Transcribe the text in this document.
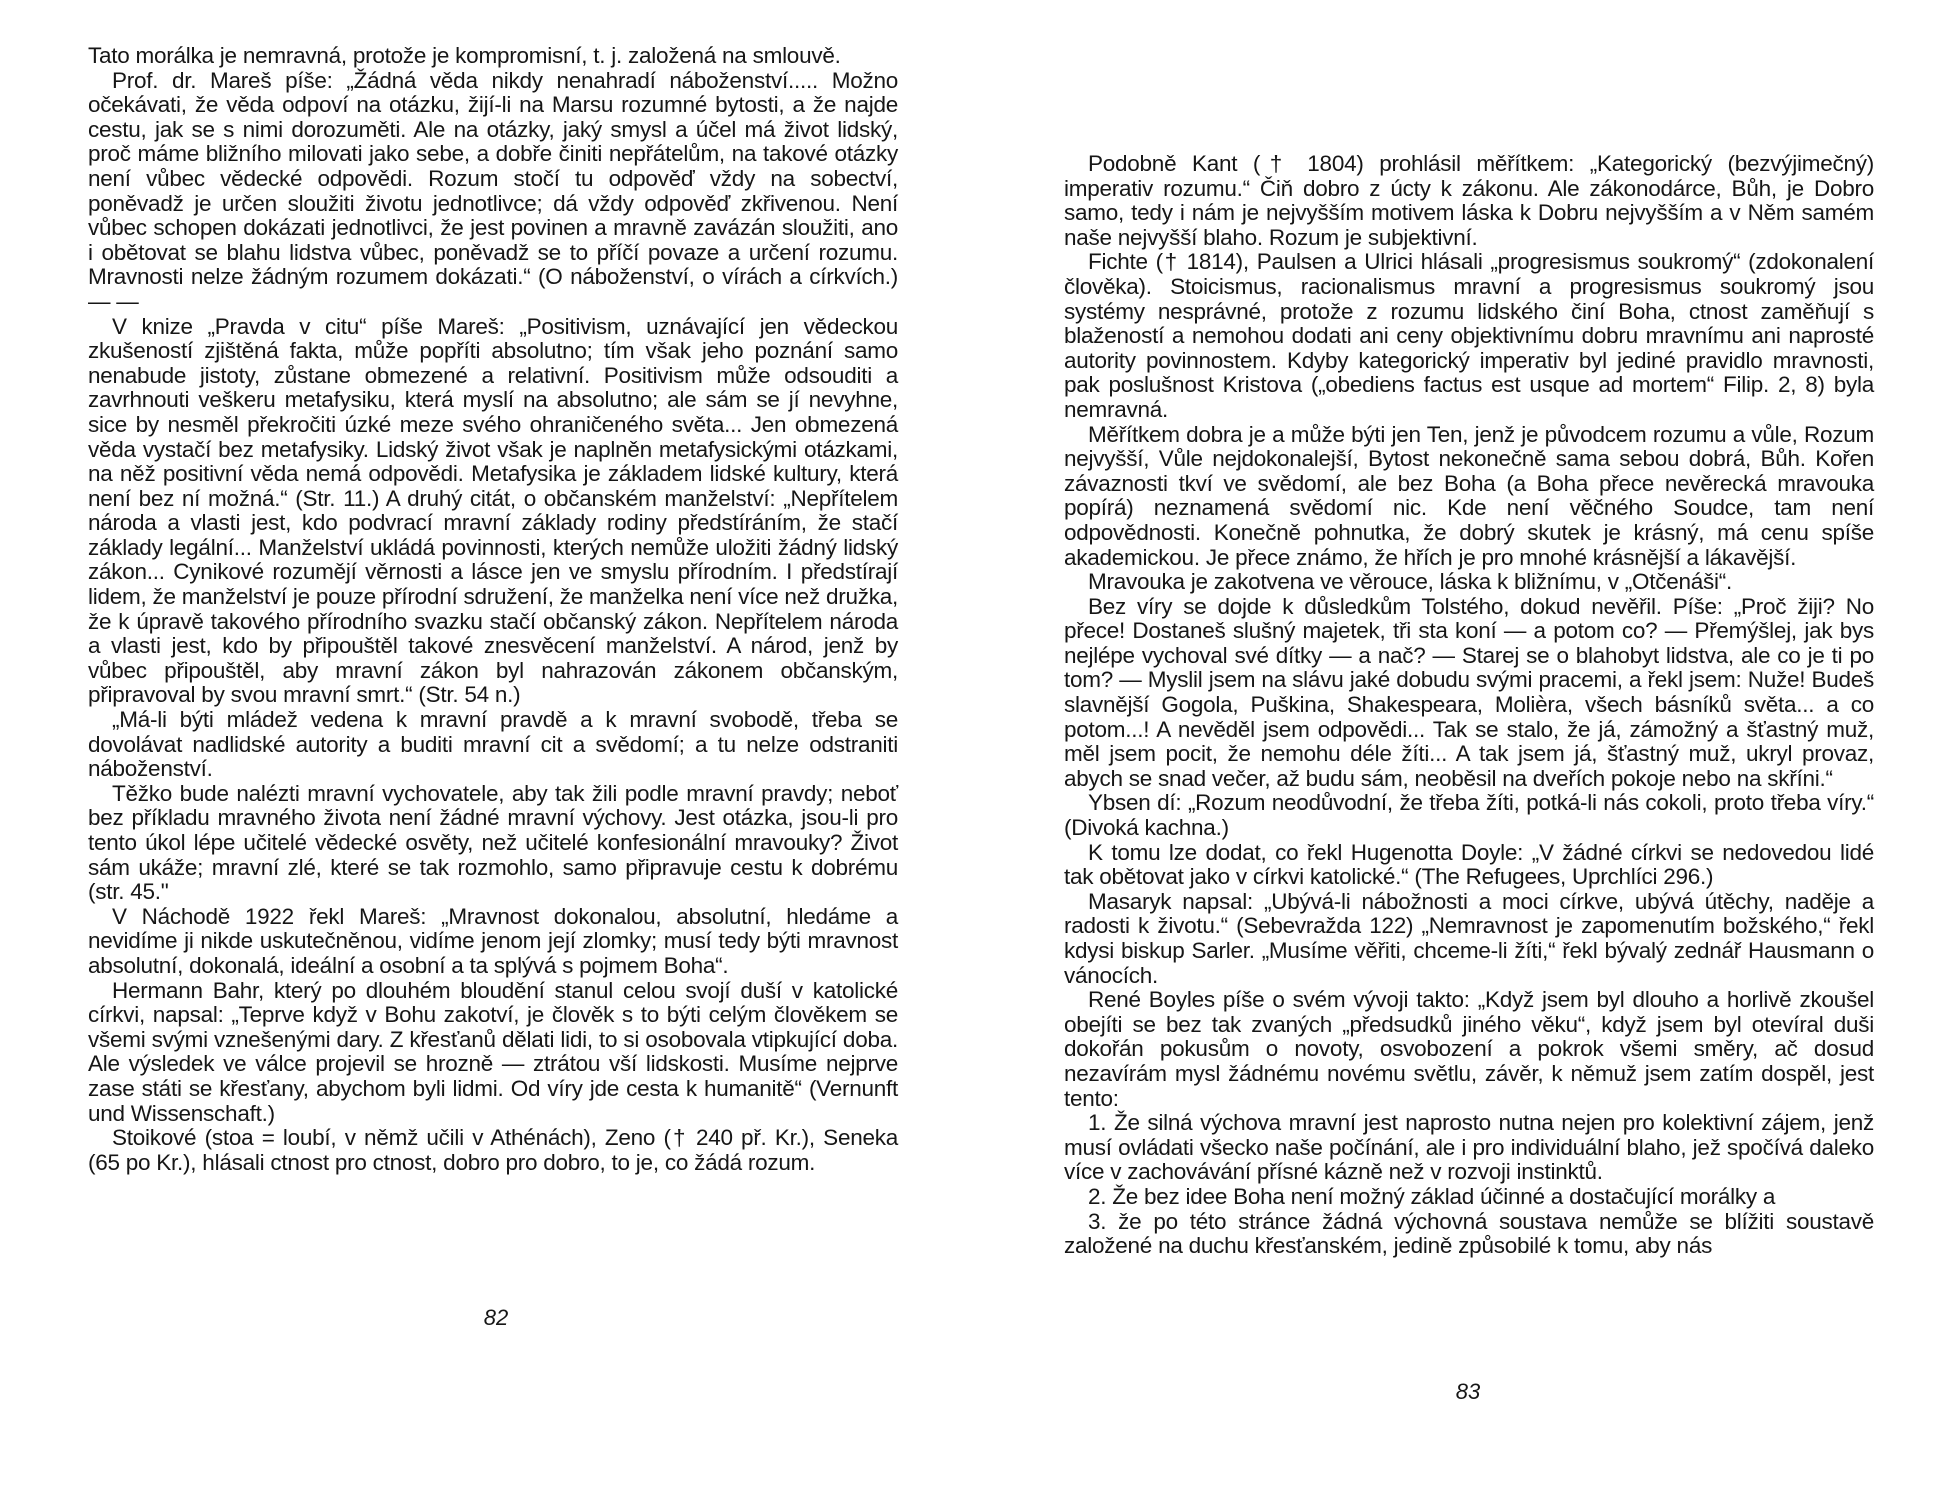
Tato morálka je nemravná, protože je kompromisní, t. j. založená na smlouvě.

Prof. dr. Mareš píše: „Žádná věda nikdy nenahradí náboženství..... Možno očekávati, že věda odpoví na otázku, žijí-li na Marsu rozumné bytosti, a že najde cestu, jak se s nimi dorozuměti. Ale na otázky, jaký smysl a účel má život lidský, proč máme bližního milovati jako sebe, a dobře činiti nepřátelům, na takové otázky není vůbec vědecké odpovědi. Rozum stočí tu odpověď vždy na sobectví, poněvadž je určen sloužiti životu jednotlivce; dá vždy odpověď zkřivenou. Není vůbec schopen dokázati jednotlivci, že jest povinen a mravně zavázán sloužiti, ano i obětovat se blahu lidstva vůbec, poněvadž se to příčí povaze a určení rozumu. Mravnosti nelze žádným rozumem dokázati.“ (O náboženství, o vírách a církvích.) — —

V knize „Pravda v citu“ píše Mareš: „Positivism, uznávající jen vědeckou zkušeností zjištěná fakta, může popříti absolutno; tím však jeho poznání samo nenabude jistoty, zůstane obmezené a relativní. Positivism může odsouditi a zavrhnouti veškeru metafysiku, která myslí na absolutno; ale sám se jí nevyhne, sice by nesměl překročiti úzké meze svého ohraničeného světa... Jen obmezená věda vystačí bez metafysiky. Lidský život však je naplněn metafysickými otázkami, na něž positivní věda nemá odpovědi. Metafysika je základem lidské kultury, která není bez ní možná.“ (Str. 11.) A druhý citát, o občanském manželství: „Nepřítelem národa a vlasti jest, kdo podvrací mravní základy rodiny předstíráním, že stačí základy legální... Manželství ukládá povinnosti, kterých nemůže uložiti žádný lidský zákon... Cynikové rozumějí věrnosti a lásce jen ve smyslu přírodním. I předstírají lidem, že manželství je pouze přírodní sdružení, že manželka není více než družka, že k úpravě takového přírodního svazku stačí občanský zákon. Nepřítelem národa a vlasti jest, kdo by připouštěl takové znesvěcení manželství. A národ, jenž by vůbec připouštěl, aby mravní zákon byl nahrazován zákonem občanským, připravoval by svou mravní smrt.“ (Str. 54 n.)

„Má-li býti mládež vedena k mravní pravdě a k mravní svobodě, třeba se dovolávat nadlidské autority a buditi mravní cit a svědomí; a tu nelze odstraniti náboženství.

Těžko bude nalézti mravní vychovatele, aby tak žili podle mravní pravdy; neboť bez příkladu mravného života není žádné mravní výchovy. Jest otázka, jsou-li pro tento úkol lépe učitelé vědecké osvěty, než učitelé konfesionální mravouky? Život sám ukáže; mravní zlé, které se tak rozmohlo, samo připravuje cestu k dobrému (str. 45."

V Náchodě 1922 řekl Mareš: „Mravnost dokonalou, absolutní, hledáme a nevidíme ji nikde uskutečněnou, vidíme jenom její zlomky; musí tedy býti mravnost absolutní, dokonalá, ideální a osobní a ta splývá s pojmem Boha“.

Hermann Bahr, který po dlouhém bloudění stanul celou svojí duší v katolické církvi, napsal: „Teprve když v Bohu zakotví, je člověk s to býti celým člověkem se všemi svými vznešenými dary. Z křesťanů dělati lidi, to si osobovala vtipkující doba. Ale výsledek ve válce projevil se hrozně — ztrátou vší lidskosti. Musíme nejprve zase státi se křesťany, abychom byli lidmi. Od víry jde cesta k humanitě“ (Vernunft und Wissenschaft.)

Stoikové (stoa = loubí, v němž učili v Athénách), Zeno († 240 př. Kr.), Seneka (65 po Kr.), hlásali ctnost pro ctnost, dobro pro dobro, to je, co žádá rozum.

82

Podobně Kant († 1804) prohlásil měřítkem: „Kategorický (bezvýjimečný) imperativ rozumu.“ Čiň dobro z úcty k zákonu. Ale zákonodárce, Bůh, je Dobro samo, tedy i nám je nejvyšším motivem láska k Dobru nejvyšším a v Něm samém naše nejvyšší blaho. Rozum je subjektivní.

Fichte († 1814), Paulsen a Ulrici hlásali „progresismus soukromý“ (zdokonalení člověka). Stoicismus, racionalismus mravní a progresismus soukromý jsou systémy nesprávné, protože z rozumu lidského činí Boha, ctnost zaměňují s blažeností a nemohou dodati ani ceny objektivnímu dobru mravnímu ani naprosté autority povinnostem. Kdyby kategorický imperativ byl jediné pravidlo mravnosti, pak poslušnost Kristova („obediens factus est usque ad mortem“ Filip. 2, 8) byla nemravná.

Měřítkem dobra je a může býti jen Ten, jenž je původcem rozumu a vůle, Rozum nejvyšší, Vůle nejdokonalejší, Bytost nekonečně sama sebou dobrá, Bůh. Kořen závaznosti tkví ve svědomí, ale bez Boha (a Boha přece nevěrecká mravouka popírá) neznamená svědomí nic. Kde není věčného Soudce, tam není odpovědnosti. Konečně pohnutka, že dobrý skutek je krásný, má cenu spíše akademickou. Je přece známo, že hřích je pro mnohé krásnější a lákavější.

Mravouka je zakotvena ve věrouce, láska k bližnímu, v „Otčenáši“.

Bez víry se dojde k důsledkům Tolstého, dokud nevěřil. Píše: „Proč žiji? No přece! Dostaneš slušný majetek, tři sta koní — a potom co? — Přemýšlej, jak bys nejlépe vychoval své dítky — a nač? — Starej se o blahobyt lidstva, ale co je ti po tom? — Myslil jsem na slávu jaké dobudu svými pracemi, a řekl jsem: Nuže! Budeš slavnější Gogola, Puškina, Shakespeara, Molièra, všech básníků světa... a co potom...! A nevěděl jsem odpovědi... Tak se stalo, že já, zámožný a šťastný muž, měl jsem pocit, že nemohu déle žíti... A tak jsem já, šťastný muž, ukryl provaz, abych se snad večer, až budu sám, neoběsil na dveřích pokoje nebo na skříni.“

Ybsen dí: „Rozum neodůvodní, že třeba žíti, potká-li nás cokoli, proto třeba víry.“ (Divoká kachna.)

K tomu lze dodat, co řekl Hugenotta Doyle: „V žádné církvi se nedovedou lidé tak obětovat jako v církvi katolické.“ (The Refugees, Uprchlíci 296.)

Masaryk napsal: „Ubývá-li nábožnosti a moci církve, ubývá útěchy, naděje a radosti k životu.“ (Sebevražda 122) „Nemravnost je zapomenutím božského,“ řekl kdysi biskup Sarler. „Musíme věřiti, chceme-li žíti,“ řekl bývalý zednář Hausmann o vánocích.

René Boyles píše o svém vývoji takto: „Když jsem byl dlouho a horlivě zkoušel obejíti se bez tak zvaných „předsudků jiného věku“, když jsem byl otevíral duši dokořán pokusům o novoty, osvobození a pokrok všemi směry, ač dosud nezavírám mysl žádnému novému světlu, závěr, k němuž jsem zatím dospěl, jest tento:

1. Že silná výchova mravní jest naprosto nutna nejen pro kolektivní zájem, jenž musí ovládati všecko naše počínání, ale i pro individuální blaho, jež spočívá daleko více v zachovávání přísné kázně než v rozvoji instinktů.

2. Že bez idee Boha není možný základ účinné a dostačující morálky a

3. že po této stránce žádná výchovná soustava nemůže se blížiti soustavě založené na duchu křesťanském, jedině způsobilé k tomu, aby nás

83
